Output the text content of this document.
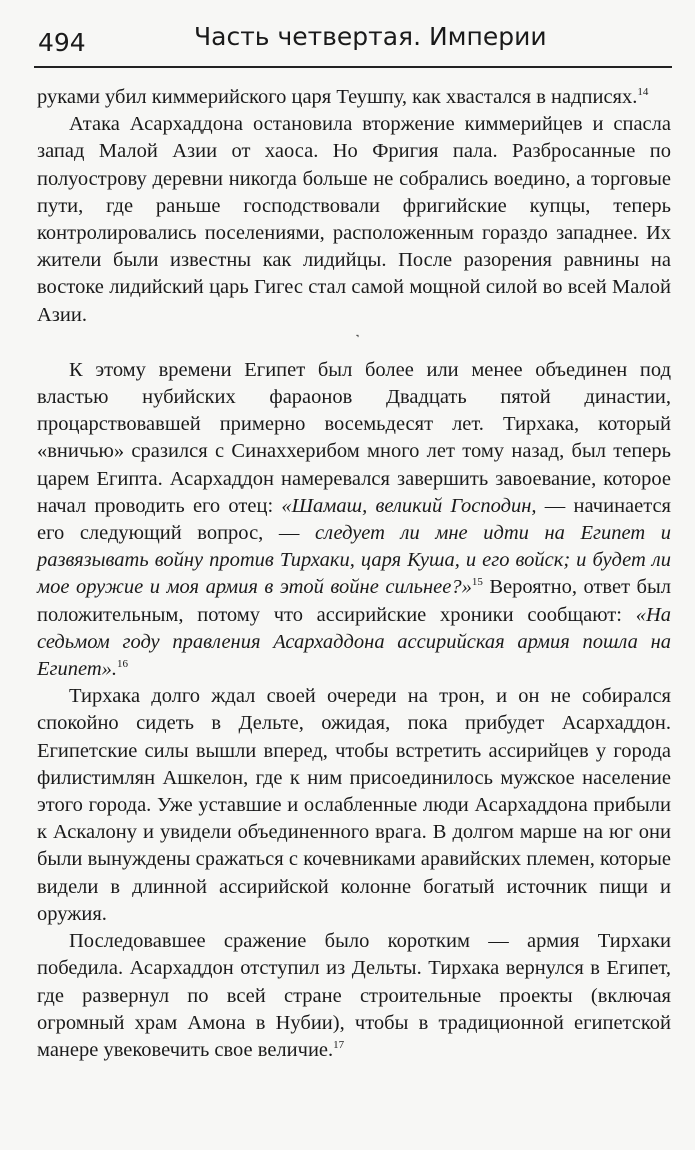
494	Часть четвертая. Империи

руками убил киммерийского царя Теушпу, как хвастался в надписях.$^{14}$

Атака Асархаддона остановила вторжение киммерийцев и спасла запад Малой Азии от хаоса. Но Фригия пала. Разбросанные по полуострову деревни никогда больше не собрались воедино, а торговые пути, где раньше господствовали фригийские купцы, теперь контролировались поселениями, расположенным гораздо западнее. Их жители были известны как лидийцы. После разорения равнины на востоке лидийский царь Гигес стал самой мощной силой во всей Малой Азии.

˺

К этому времени Египет был более или менее объединен под властью нубийских фараонов Двадцать пятой династии, процарствовавшей примерно восемьдесят лет. Тирхака, который «вничью» сразился с Синаххерибом много лет тому назад, был теперь царем Египта. Асархаддон намеревался завершить завоевание, которое начал проводить его отец: «Шамаш, великий Господин, — начинается его следующий вопрос, — следует ли мне идти на Египет и развязывать войну против Тирхаки, царя Куша, и его войск; и будет ли мое оружие и моя армия в этой войне сильнее?»$^{15}$ Вероятно, ответ был положительным, потому что ассирийские хроники сообщают: «На седьмом году правления Асархаддона ассирийская армия пошла на Египет».$^{16}$

Тирхака долго ждал своей очереди на трон, и он не собирался спокойно сидеть в Дельте, ожидая, пока прибудет Асархаддон. Египетские силы вышли вперед, чтобы встретить ассирийцев у города филистимлян Ашкелон, где к ним присоединилось мужское население этого города. Уже уставшие и ослабленные люди Асархаддона прибыли к Аскалону и увидели объединенного врага. В долгом марше на юг они были вынуждены сражаться с кочевниками аравийских племен, которые видели в длинной ассирийской колонне богатый источник пищи и оружия.

Последовавшее сражение было коротким — армия Тирхаки победила. Асархаддон отступил из Дельты. Тирхака вернулся в Египет, где развернул по всей стране строительные проекты (включая огромный храм Амона в Нубии), чтобы в традиционной египетской манере увековечить свое величие.$^{17}$
